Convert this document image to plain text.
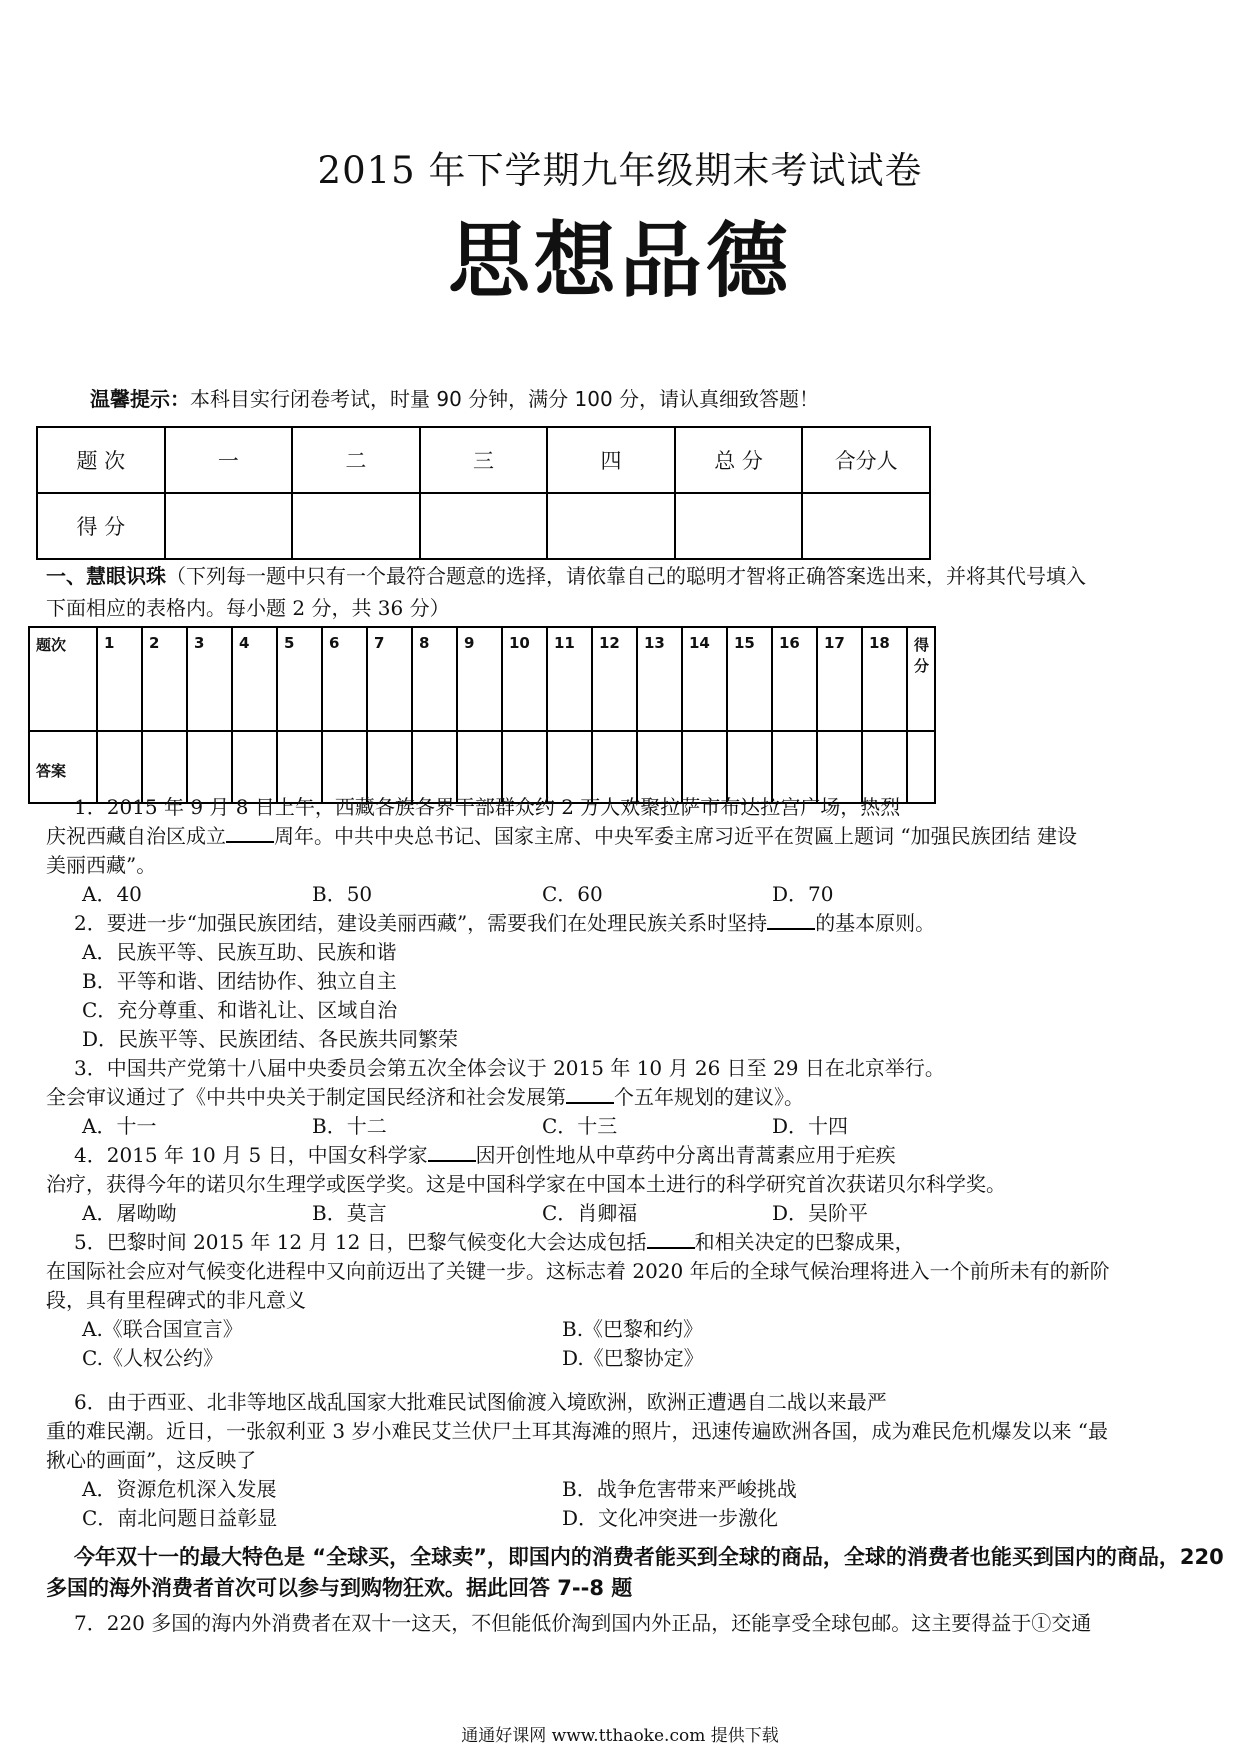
2015 年下学期九年级期末考试试卷
思想品德
温馨提示：本科目实行闭卷考试，时量 90 分钟，满分 100 分，请认真细致答题！
题 次	一	二	三	四	总 分	合分人
得 分						
一、慧眼识珠（下列每一题中只有一个最符合题意的选择，请依靠自己的聪明才智将正确答案选出来，并将其代号填入
下面相应的表格内。每小题 2 分，共 36 分）
题次	1	2	3	4	5	6	7	8	9	10	11	12	13	14	15	16	17	18	得分
答案																			
1．2015 年 9 月 8 日上午，西藏各族各界干部群众约 2 万人欢聚拉萨市布达拉宫广场，热烈
庆祝西藏自治区成立 周年。中共中央总书记、国家主席、中央军委主席习近平在贺匾上题词 “加强民族团结 建设
美丽西藏”。
A．40	B．50	C．60	D．70
2．要进一步“加强民族团结，建设美丽西藏”，需要我们在处理民族关系时坚持 的基本原则。
A．民族平等、民族互助、民族和谐
B．平等和谐、团结协作、独立自主
C．充分尊重、和谐礼让、区域自治
D．民族平等、民族团结、各民族共同繁荣
3．中国共产党第十八届中央委员会第五次全体会议于 2015 年 10 月 26 日至 29 日在北京举行。
全会审议通过了《中共中央关于制定国民经济和社会发展第 个五年规划的建议》。
A．十一	B．十二	C．十三	D．十四
4．2015 年 10 月 5 日，中国女科学家 因开创性地从中草药中分离出青蒿素应用于疟疾
治疗，获得今年的诺贝尔生理学或医学奖。这是中国科学家在中国本土进行的科学研究首次获诺贝尔科学奖。
A．屠呦呦	B．莫言	C．肖卿福	D．吴阶平
5．巴黎时间 2015 年 12 月 12 日，巴黎气候变化大会达成包括 和相关决定的巴黎成果，
在国际社会应对气候变化进程中又向前迈出了关键一步。这标志着 2020 年后的全球气候治理将进入一个前所未有的新阶
段，具有里程碑式的非凡意义
A.《联合国宣言》	B.《巴黎和约》
C.《人权公约》	D.《巴黎协定》
6．由于西亚、北非等地区战乱国家大批难民试图偷渡入境欧洲，欧洲正遭遇自二战以来最严
重的难民潮。近日，一张叙利亚 3 岁小难民艾兰伏尸土耳其海滩的照片，迅速传遍欧洲各国，成为难民危机爆发以来 “最
揪心的画面”，这反映了
A．资源危机深入发展	B．战争危害带来严峻挑战
C．南北问题日益彰显	D．文化冲突进一步激化
今年双十一的最大特色是 “全球买，全球卖”，即国内的消费者能买到全球的商品，全球的消费者也能买到国内的商品，220
多国的海外消费者首次可以参与到购物狂欢。据此回答 7--8 题
7．220 多国的海内外消费者在双十一这天，不但能低价淘到国内外正品，还能享受全球包邮。这主要得益于①交通
通通好课网 www.tthaoke.com 提供下载
